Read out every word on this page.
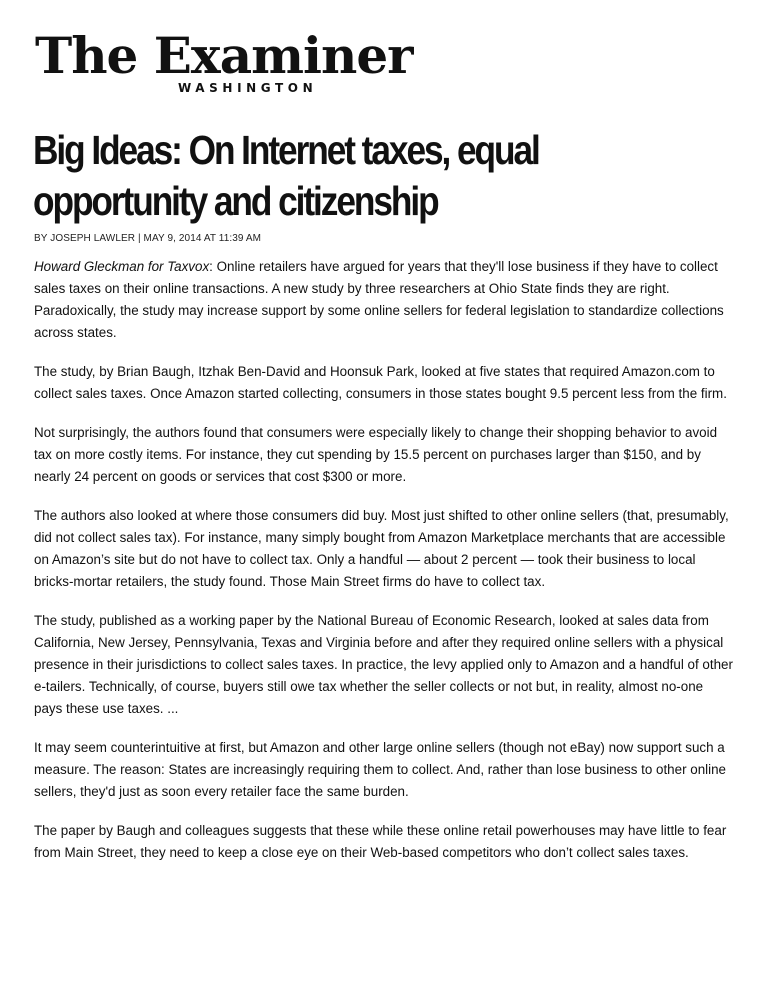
The Examiner
WASHINGTON
Big Ideas: On Internet taxes, equal
opportunity and citizenship
BY JOSEPH LAWLER | MAY 9, 2014 AT 11:39 AM

Howard Gleckman for Taxvox: Online retailers have argued for years that they'll lose business if they have to collect sales taxes on their online transactions. A new study by three researchers at Ohio State finds they are right. Paradoxically, the study may increase support by some online sellers for federal legislation to standardize collections across states.

The study, by Brian Baugh, Itzhak Ben-David and Hoonsuk Park, looked at five states that required Amazon.com to collect sales taxes. Once Amazon started collecting, consumers in those states bought 9.5 percent less from the firm.

Not surprisingly, the authors found that consumers were especially likely to change their shopping behavior to avoid tax on more costly items. For instance, they cut spending by 15.5 percent on purchases larger than $150, and by nearly 24 percent on goods or services that cost $300 or more.

The authors also looked at where those consumers did buy. Most just shifted to other online sellers (that, presumably, did not collect sales tax). For instance, many simply bought from Amazon Marketplace merchants that are accessible on Amazon’s site but do not have to collect tax. Only a handful — about 2 percent — took their business to local bricks-mortar retailers, the study found. Those Main Street firms do have to collect tax.

The study, published as a working paper by the National Bureau of Economic Research, looked at sales data from California, New Jersey, Pennsylvania, Texas and Virginia before and after they required online sellers with a physical presence in their jurisdictions to collect sales taxes. In practice, the levy applied only to Amazon and a handful of other e-tailers. Technically, of course, buyers still owe tax whether the seller collects or not but, in reality, almost no-one pays these use taxes. ...

It may seem counterintuitive at first, but Amazon and other large online sellers (though not eBay) now support such a measure. The reason: States are increasingly requiring them to collect. And, rather than lose business to other online sellers, they'd just as soon every retailer face the same burden.

The paper by Baugh and colleagues suggests that these while these online retail powerhouses may have little to fear from Main Street, they need to keep a close eye on their Web-based competitors who don’t collect sales taxes.
